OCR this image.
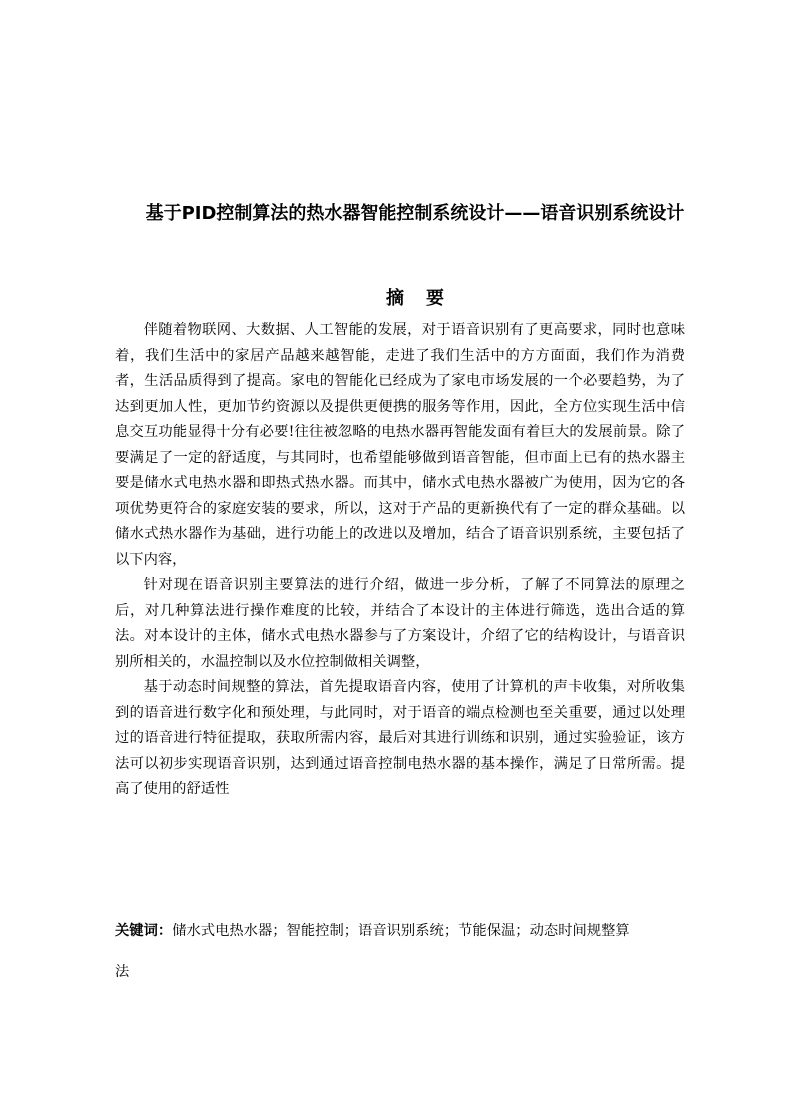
基于PID控制算法的热水器智能控制系统设计——语音识别系统设计
摘要

伴随着物联网、大数据、人工智能的发展，对于语音识别有了更高要求，同时也意味着，我们生活中的家居产品越来越智能，走进了我们生活中的方方面面，我们作为消费者，生活品质得到了提高。家电的智能化已经成为了家电市场发展的一个必要趋势，为了达到更加人性，更加节约资源以及提供更便携的服务等作用，因此，全方位实现生活中信息交互功能显得十分有必要!往往被忽略的电热水器再智能发面有着巨大的发展前景。除了要满足了一定的舒适度，与其同时，也希望能够做到语音智能，但市面上已有的热水器主要是储水式电热水器和即热式热水器。而其中，储水式电热水器被广为使用，因为它的各项优势更符合的家庭安装的要求，所以，这对于产品的更新换代有了一定的群众基础。以储水式热水器作为基础，进行功能上的改进以及增加，结合了语音识别系统，主要包括了以下内容，

针对现在语音识别主要算法的进行介绍，做进一步分析，了解了不同算法的原理之后，对几种算法进行操作难度的比较，并结合了本设计的主体进行筛选，选出合适的算法。对本设计的主体，储水式电热水器参与了方案设计，介绍了它的结构设计，与语音识别所相关的，水温控制以及水位控制做相关调整，

基于动态时间规整的算法，首先提取语音内容，使用了计算机的声卡收集，对所收集到的语音进行数字化和预处理，与此同时，对于语音的端点检测也至关重要，通过以处理过的语音进行特征提取，获取所需内容，最后对其进行训练和识别，通过实验验证，该方法可以初步实现语音识别，达到通过语音控制电热水器的基本操作，满足了日常所需。提高了使用的舒适性

关键词：储水式电热水器；智能控制；语音识别系统；节能保温；动态时间规整算
法
